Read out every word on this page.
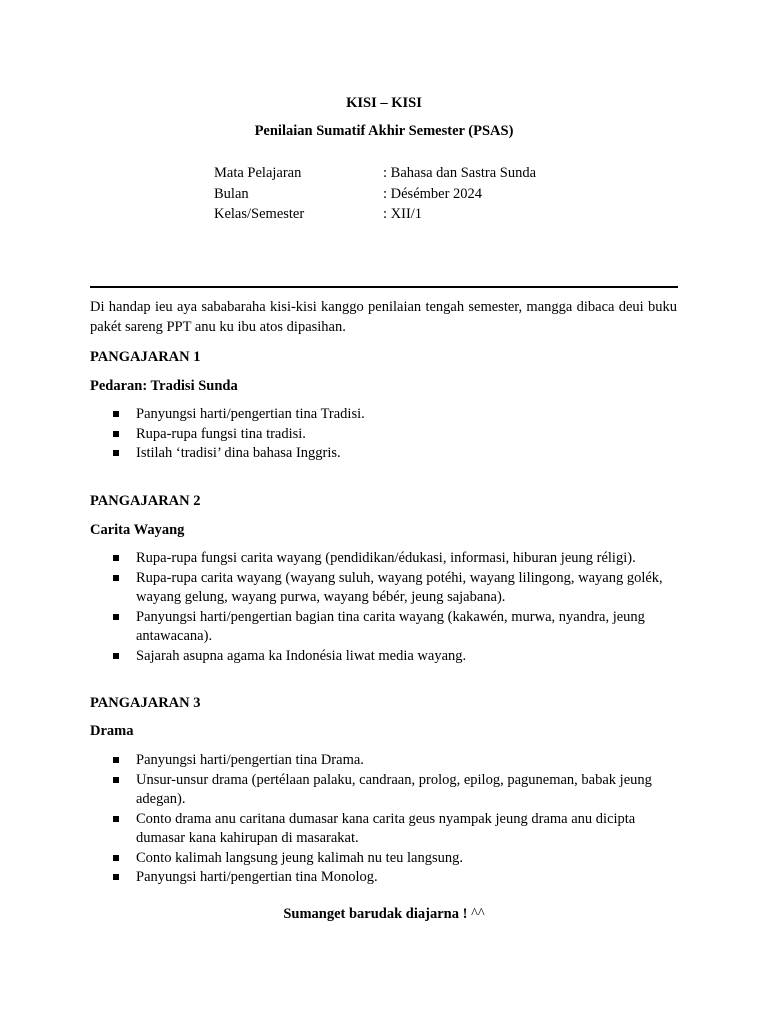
KISI – KISI
Penilaian Sumatif Akhir Semester (PSAS)
Mata Pelajaran	: Bahasa dan Sastra Sunda
Bulan	: Désémber 2024
Kelas/Semester	: XII/1

Di handap ieu aya sababaraha kisi-kisi kanggo penilaian tengah semester, mangga dibaca deui buku pakét sareng PPT anu ku ibu atos dipasihan.

PANGAJARAN 1
Pedaran: Tradisi Sunda
Panyungsi harti/pengertian tina Tradisi.
Rupa-rupa fungsi tina tradisi.
Istilah ‘tradisi’ dina bahasa Inggris.
PANGAJARAN 2
Carita Wayang
Rupa-rupa fungsi carita wayang (pendidikan/édukasi, informasi, hiburan jeung réligi).
Rupa-rupa carita wayang (wayang suluh, wayang potéhi, wayang lilingong, wayang golék, wayang gelung, wayang purwa, wayang bébér, jeung sajabana).
Panyungsi harti/pengertian bagian tina carita wayang (kakawén, murwa, nyandra, jeung antawacana).
Sajarah asupna agama ka Indonésia liwat media wayang.
PANGAJARAN 3
Drama
Panyungsi harti/pengertian tina Drama.
Unsur-unsur drama (pertélaan palaku, candraan, prolog, epilog, paguneman, babak jeung adegan).
Conto drama anu caritana dumasar kana carita geus nyampak jeung drama anu dicipta dumasar kana kahirupan di masarakat.
Conto kalimah langsung jeung kalimah nu teu langsung.
Panyungsi harti/pengertian tina Monolog.
Sumanget barudak diajarna ! ^^
